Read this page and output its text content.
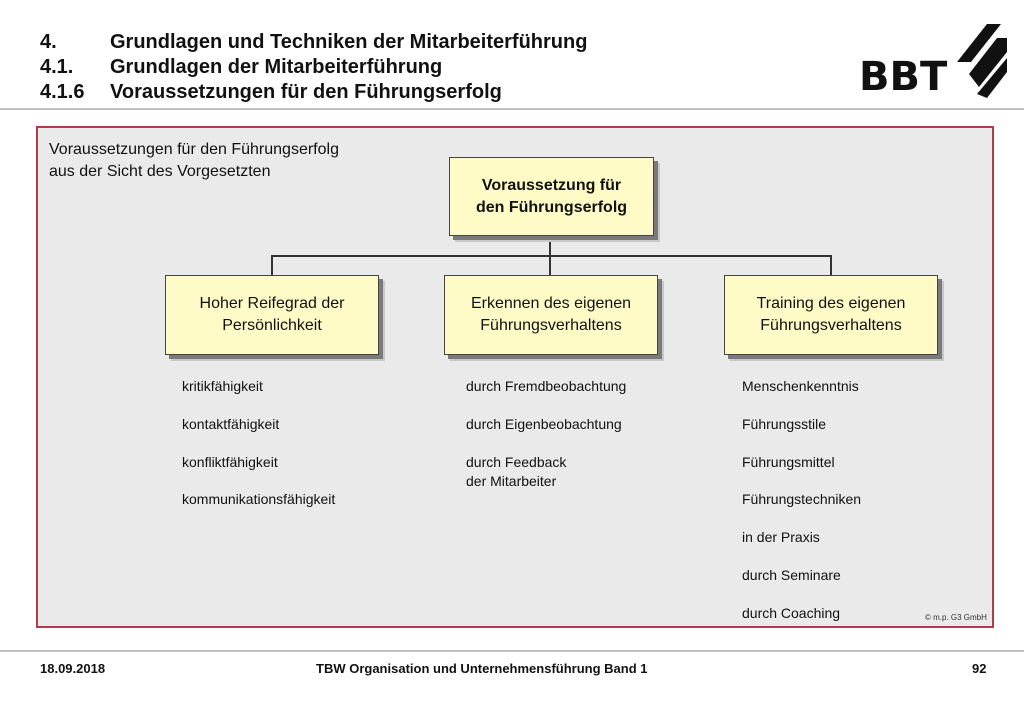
4.	Grundlagen und Techniken der Mitarbeiterführung
4.1. Grundlagen der Mitarbeiterführung
4.1.6 Voraussetzungen für den Führungserfolg	BBT
Voraussetzungen für den Führungserfolg
aus der Sicht des Vorgesetzten
Voraussetzung für
den Führungserfolg
Hoher Reifegrad der
Persönlichkeit
Erkennen des eigenen
Führungsverhaltens
Training des eigenen
Führungsverhaltens
kritikfähigkeit
kontaktfähigkeit
konfliktfähigkeit
kommunikationsfähigkeit
durch Fremdbeobachtung
durch Eigenbeobachtung
durch Feedback
der Mitarbeiter
Menschenkenntnis
Führungsstile
Führungsmittel
Führungstechniken
in der Praxis
durch Seminare
durch Coaching	© m.p. G3 GmbH
18.09.2018	TBW Organisation und Unternehmensführung Band 1	92
